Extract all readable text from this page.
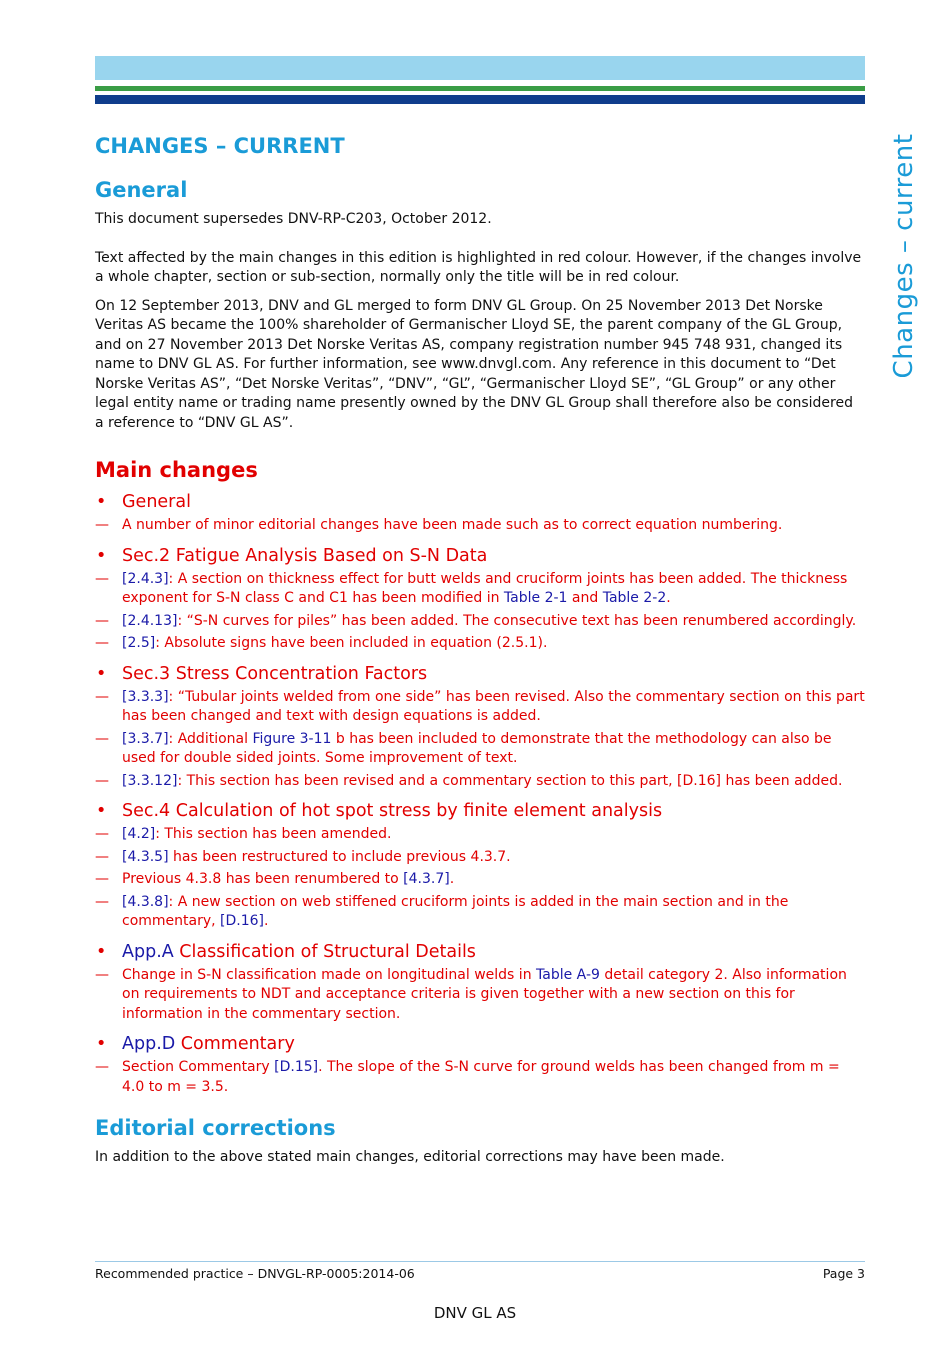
Changes – current
CHANGES – CURRENT
General

This document supersedes DNV-RP-C203, October 2012.

Text affected by the main changes in this edition is highlighted in red colour. However, if the changes involve a whole chapter, section or sub-section, normally only the title will be in red colour.

On 12 September 2013, DNV and GL merged to form DNV GL Group. On 25 November 2013 Det Norske Veritas AS became the 100% shareholder of Germanischer Lloyd SE, the parent company of the GL Group, and on 27 November 2013 Det Norske Veritas AS, company registration number 945 748 931, changed its name to DNV GL AS. For further information, see www.dnvgl.com. Any reference in this document to “Det Norske Veritas AS”, “Det Norske Veritas”, “DNV”, “GL”, “Germanischer Lloyd SE”, “GL Group” or any other legal entity name or trading name presently owned by the DNV GL Group shall therefore also be considered a reference to “DNV GL AS”.

Main changes
• General
— A number of minor editorial changes have been made such as to correct equation numbering.
• Sec.2 Fatigue Analysis Based on S-N Data
— [2.4.3]: A section on thickness effect for butt welds and cruciform joints has been added. The thickness exponent for S-N class C and C1 has been modified in Table 2-1 and Table 2-2.
— [2.4.13]: “S-N curves for piles” has been added. The consecutive text has been renumbered accordingly.
— [2.5]: Absolute signs have been included in equation (2.5.1).
• Sec.3 Stress Concentration Factors
— [3.3.3]: “Tubular joints welded from one side” has been revised. Also the commentary section on this part has been changed and text with design equations is added.
— [3.3.7]: Additional Figure 3-11 b has been included to demonstrate that the methodology can also be used for double sided joints. Some improvement of text.
— [3.3.12]: This section has been revised and a commentary section to this part, [D.16] has been added.
• Sec.4 Calculation of hot spot stress by finite element analysis
— [4.2]: This section has been amended.
— [4.3.5] has been restructured to include previous 4.3.7.
— Previous 4.3.8 has been renumbered to [4.3.7].
— [4.3.8]: A new section on web stiffened cruciform joints is added in the main section and in the commentary, [D.16].
• App.A Classification of Structural Details
— Change in S-N classification made on longitudinal welds in Table A-9 detail category 2. Also information on requirements to NDT and acceptance criteria is given together with a new section on this for information in the commentary section.
• App.D Commentary
— Section Commentary [D.15]. The slope of the S-N curve for ground welds has been changed from m = 4.0 to m = 3.5.
Editorial corrections

In addition to the above stated main changes, editorial corrections may have been made.

Recommended practice – DNVGL-RP-0005:2014-06	Page 3
DNV GL AS
